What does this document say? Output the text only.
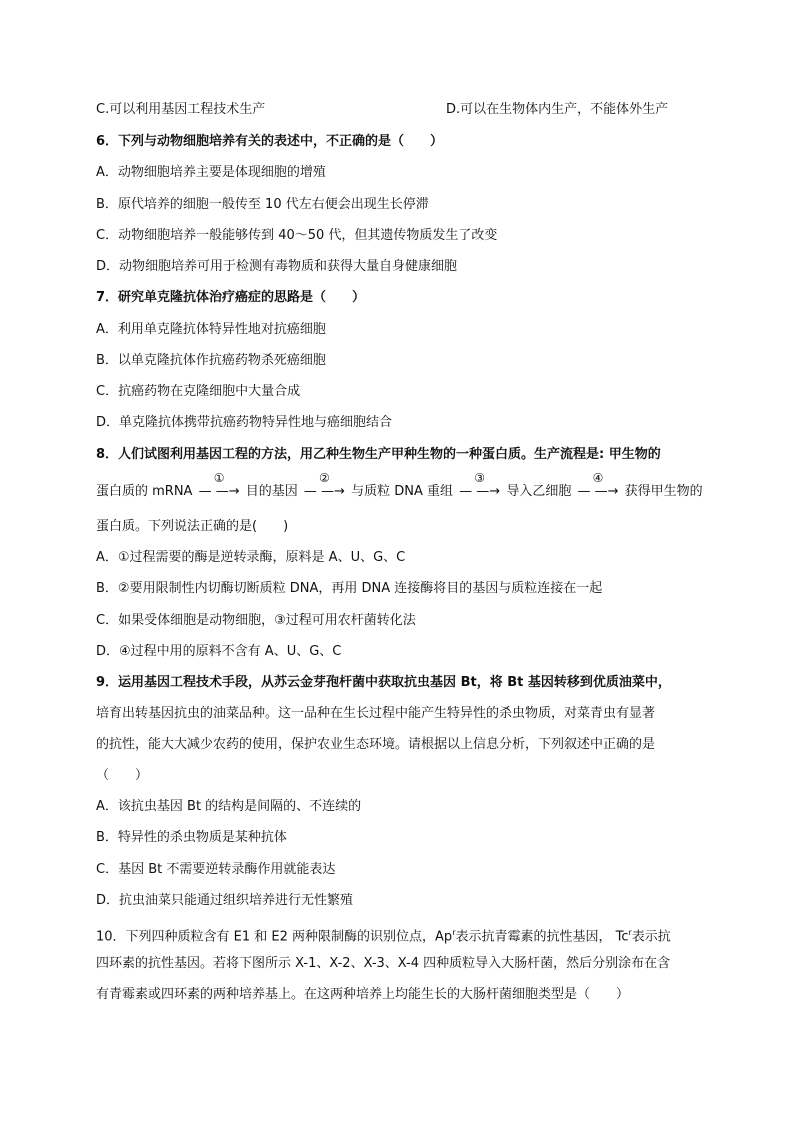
C.可以利用基因工程技术生产	D.可以在生物体内生产，不能体外生产
6．下列与动物细胞培养有关的表述中，不正确的是（　　）
A．动物细胞培养主要是体现细胞的增殖
B．原代培养的细胞一般传至 10 代左右便会出现生长停滞
C．动物细胞培养一般能够传到 40～50 代，但其遗传物质发生了改变
D．动物细胞培养可用于检测有毒物质和获得大量自身健康细胞
7．研究单克隆抗体治疗癌症的思路是（　　）
A．利用单克隆抗体特异性地对抗癌细胞
B．以单克隆抗体作抗癌药物杀死癌细胞
C．抗癌药物在克隆细胞中大量合成
D．单克隆抗体携带抗癌药物特异性地与癌细胞结合
8．人们试图利用基因工程的方法，用乙种生物生产甲种生物的一种蛋白质。生产流程是: 甲生物的
蛋白质的 mRNA
①
— —→ 目的基因
②
— —→ 与质粒 DNA 重组
③
— —→ 导入乙细胞
④
— —→ 获得甲生物的
蛋白质。下列说法正确的是(　　)
A．①过程需要的酶是逆转录酶，原料是 A、U、G、C
B．②要用限制性内切酶切断质粒 DNA，再用 DNA 连接酶将目的基因与质粒连接在一起
C．如果受体细胞是动物细胞，③过程可用农杆菌转化法
D．④过程中用的原料不含有 A、U、G、C
9．运用基因工程技术手段，从苏云金芽孢杆菌中获取抗虫基因 Bt，将 Bt 基因转移到优质油菜中，
培育出转基因抗虫的油菜品种。这一品种在生长过程中能产生特异性的杀虫物质，对菜青虫有显著
的抗性，能大大减少农药的使用，保护农业生态环境。请根据以上信息分析，下列叙述中正确的是
（　　）
A．该抗虫基因 Bt 的结构是间隔的、不连续的
B．特异性的杀虫物质是某种抗体
C．基因 Bt 不需要逆转录酶作用就能表达
D．抗虫油菜只能通过组织培养进行无性繁殖
10．下列四种质粒含有 E1 和 E2 两种限制酶的识别位点，Ap$^r$表示抗青霉素的抗性基因， Tc$^r$表示抗
四环素的抗性基因。若将下图所示 X-1、X-2、X-3、X-4 四种质粒导入大肠杆菌，然后分别涂布在含
有青霉素或四环素的两种培养基上。在这两种培养上均能生长的大肠杆菌细胞类型是（　　）
